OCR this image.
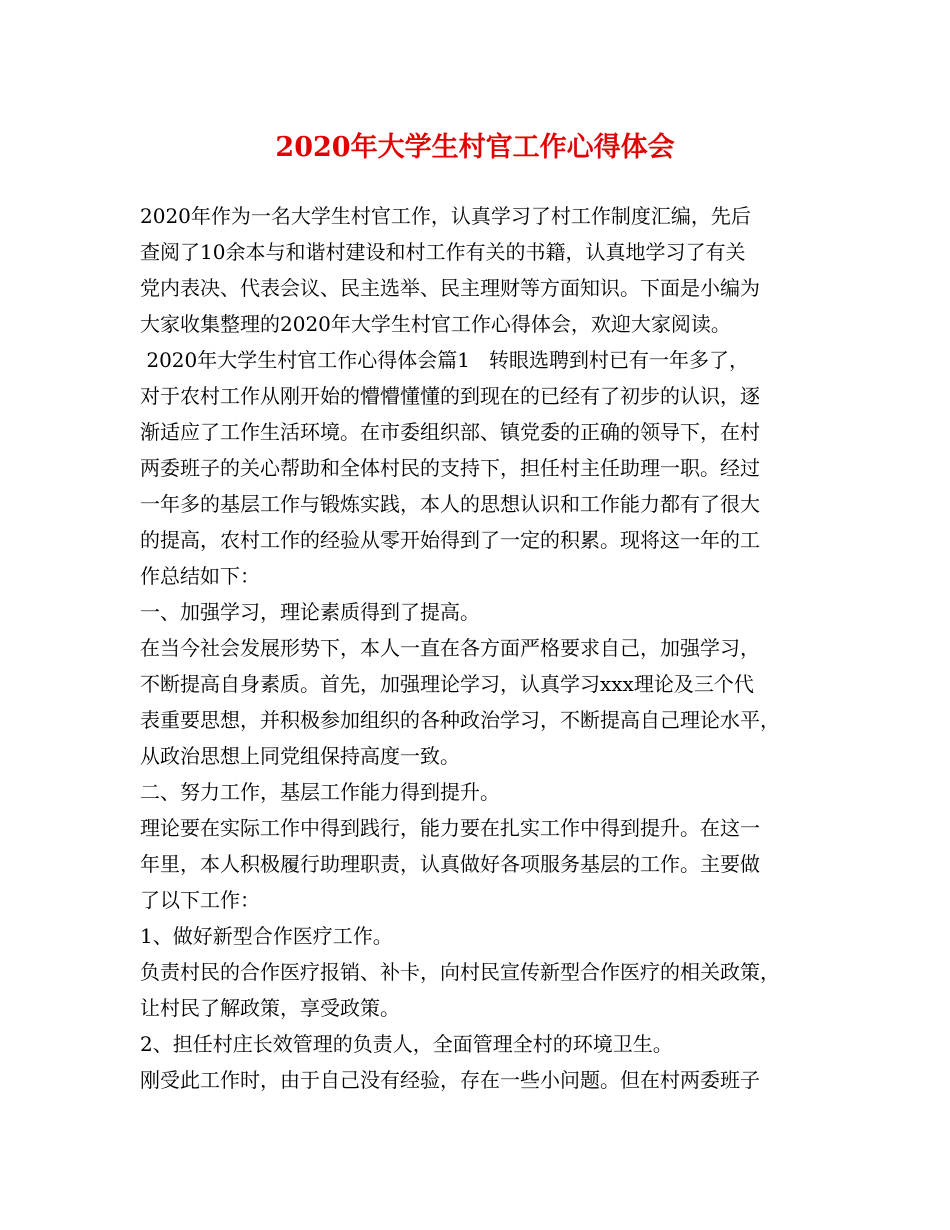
2020年大学生村官工作心得体会
2020年作为一名大学生村官工作，认真学习了村工作制度汇编，先后
查阅了10余本与和谐村建设和村工作有关的书籍，认真地学习了有关
党内表决、代表会议、民主选举、民主理财等方面知识。下面是小编为
大家收集整理的2020年大学生村官工作心得体会，欢迎大家阅读。
2020年大学生村官工作心得体会篇1   转眼选聘到村已有一年多了，
对于农村工作从刚开始的懵懵懂懂的到现在的已经有了初步的认识，逐
渐适应了工作生活环境。在市委组织部、镇党委的正确的领导下，在村
两委班子的关心帮助和全体村民的支持下，担任村主任助理一职。经过
一年多的基层工作与锻炼实践，本人的思想认识和工作能力都有了很大
的提高，农村工作的经验从零开始得到了一定的积累。现将这一年的工
作总结如下：
一、加强学习，理论素质得到了提高。
在当今社会发展形势下，本人一直在各方面严格要求自己，加强学习，
不断提高自身素质。首先，加强理论学习，认真学习xxx理论及三个代
表重要思想，并积极参加组织的各种政治学习，不断提高自己理论水平，
从政治思想上同党组保持高度一致。
二、努力工作，基层工作能力得到提升。
理论要在实际工作中得到践行，能力要在扎实工作中得到提升。在这一
年里，本人积极履行助理职责，认真做好各项服务基层的工作。主要做
了以下工作：
1、做好新型合作医疗工作。
负责村民的合作医疗报销、补卡，向村民宣传新型合作医疗的相关政策，
让村民了解政策，享受政策。
2、担任村庄长效管理的负责人，全面管理全村的环境卫生。
刚受此工作时，由于自己没有经验，存在一些小问题。但在村两委班子
